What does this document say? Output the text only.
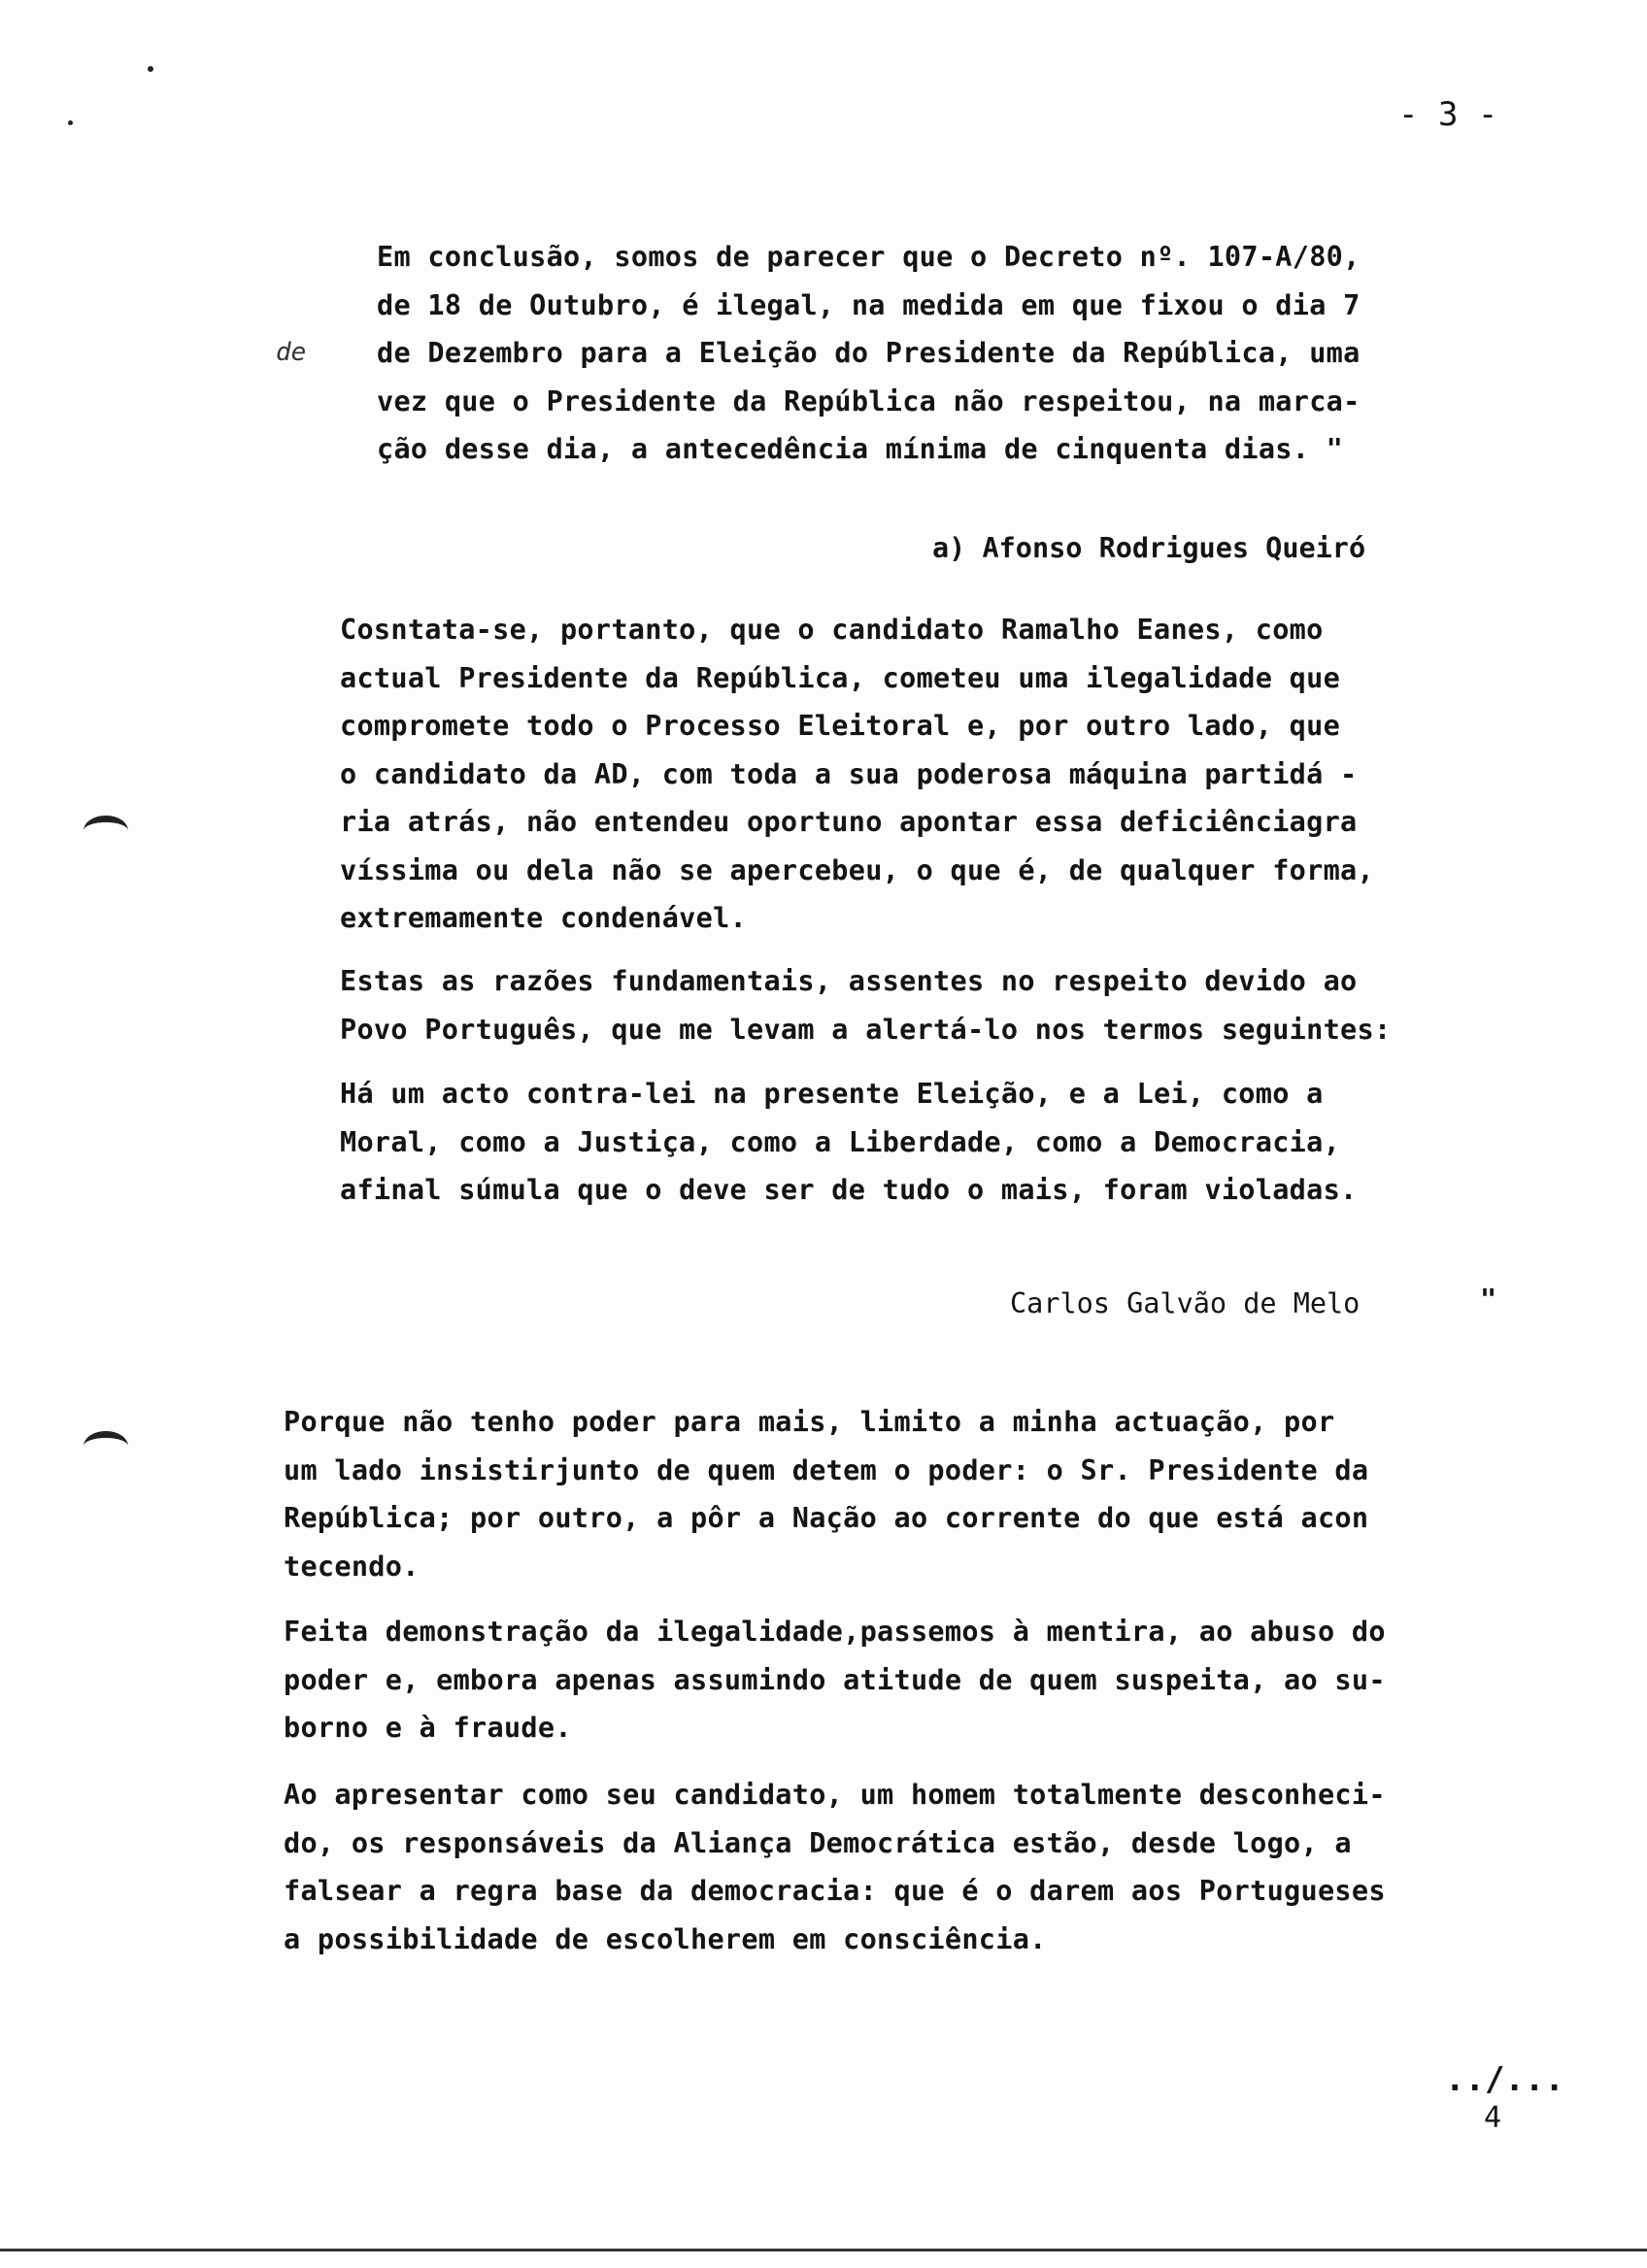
- 3 -
de
Em conclusão, somos de parecer que o Decreto nº. 107-A/80,
de 18 de Outubro, é ilegal, na medida em que fixou o dia 7
de Dezembro para a Eleição do Presidente da República, uma
vez que o Presidente da República não respeitou, na marca-
ção desse dia, a antecedência mínima de cinquenta dias. "
a) Afonso Rodrigues Queiró
Cosntata-se, portanto, que o candidato Ramalho Eanes, como
actual Presidente da República, cometeu uma ilegalidade que
compromete todo o Processo Eleitoral e, por outro lado, que
o candidato da AD, com toda a sua poderosa máquina partidá -
ria atrás, não entendeu oportuno apontar essa deficiênciagra
víssima ou dela não se apercebeu, o que é, de qualquer forma,
extremamente condenável.
Estas as razões fundamentais, assentes no respeito devido ao
Povo Português, que me levam a alertá-lo nos termos seguintes:
Há um acto contra-lei na presente Eleição, e a Lei, como a
Moral, como a Justiça, como a Liberdade, como a Democracia,
afinal súmula que o deve ser de tudo o mais, foram violadas.
Carlos Galvão de Melo	"
Porque não tenho poder para mais, limito a minha actuação, por
um lado insistirjunto de quem detem o poder: o Sr. Presidente da
República; por outro, a pôr a Nação ao corrente do que está acon
tecendo.
Feita demonstração da ilegalidade,passemos à mentira, ao abuso do
poder e, embora apenas assumindo atitude de quem suspeita, ao su-
borno e à fraude.
Ao apresentar como seu candidato, um homem totalmente desconheci-
do, os responsáveis da Aliança Democrática estão, desde logo, a
falsear a regra base da democracia: que é o darem aos Portugueses
a possibilidade de escolherem em consciência.
../...
4
